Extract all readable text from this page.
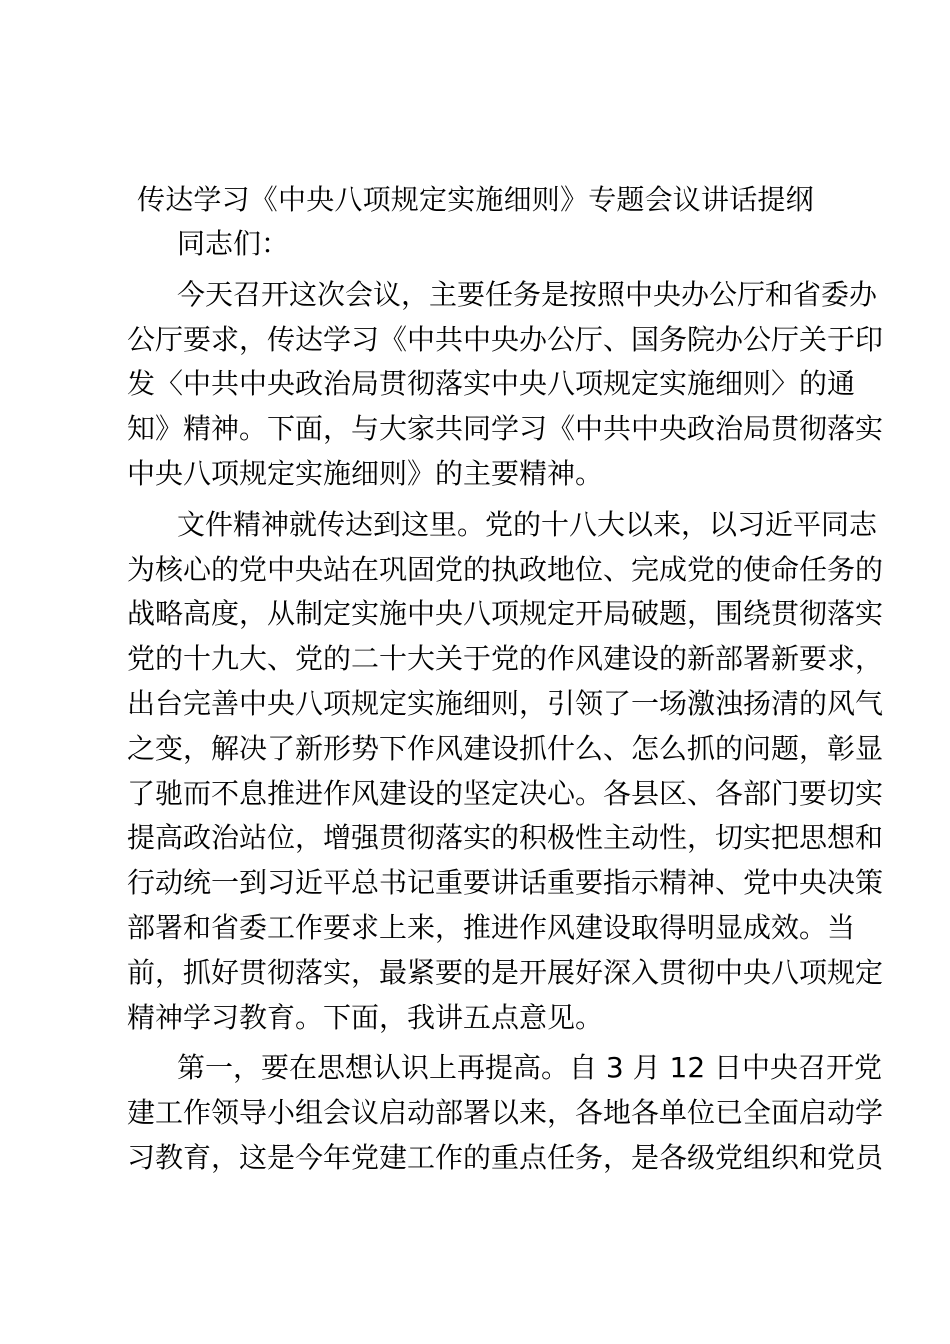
传达学习《中央八项规定实施细则》专题会议讲话提纲
同志们：
今天召开这次会议，主要任务是按照中央办公厅和省委办
公厅要求，传达学习《中共中央办公厅、国务院办公厅关于印
发〈中共中央政治局贯彻落实中央八项规定实施细则〉的通
知》精神。下面，与大家共同学习《中共中央政治局贯彻落实
中央八项规定实施细则》的主要精神。
文件精神就传达到这里。党的十八大以来，以习近平同志
为核心的党中央站在巩固党的执政地位、完成党的使命任务的
战略高度，从制定实施中央八项规定开局破题，围绕贯彻落实
党的十九大、党的二十大关于党的作风建设的新部署新要求，
出台完善中央八项规定实施细则，引领了一场激浊扬清的风气
之变，解决了新形势下作风建设抓什么、怎么抓的问题，彰显
了驰而不息推进作风建设的坚定决心。各县区、各部门要切实
提高政治站位，增强贯彻落实的积极性主动性，切实把思想和
行动统一到习近平总书记重要讲话重要指示精神、党中央决策
部署和省委工作要求上来，推进作风建设取得明显成效。当
前，抓好贯彻落实，最紧要的是开展好深入贯彻中央八项规定
精神学习教育。下面，我讲五点意见。
第一，要在思想认识上再提高。自 3 月 12 日中央召开党
建工作领导小组会议启动部署以来，各地各单位已全面启动学
习教育，这是今年党建工作的重点任务，是各级党组织和党员
